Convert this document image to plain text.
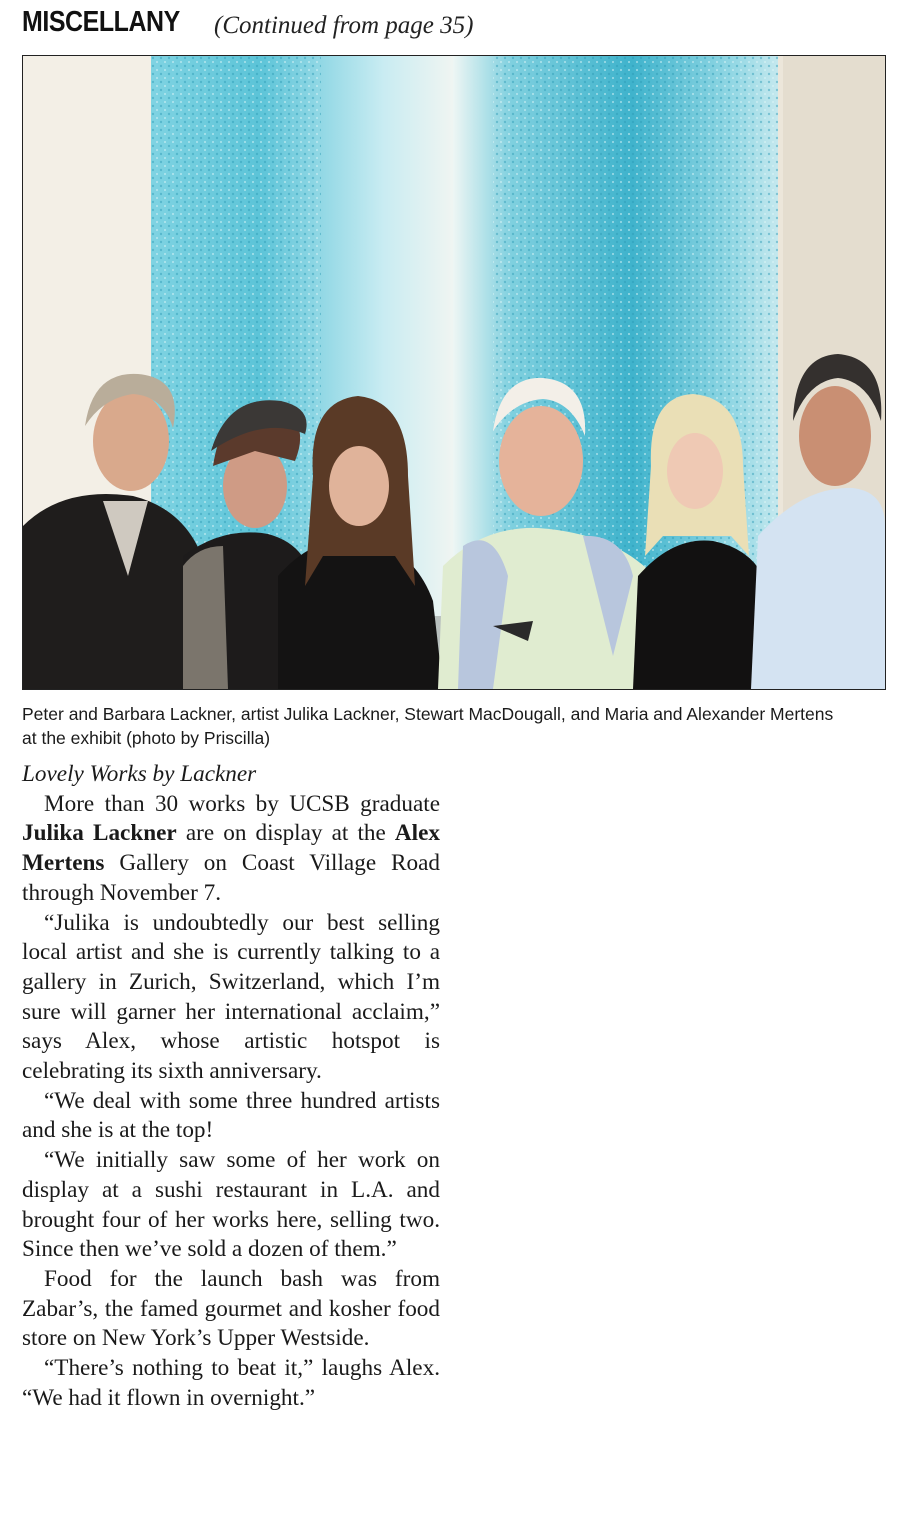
MISCELLANY (Continued from page 35)

Peter and Barbara Lackner, artist Julika Lackner, Stewart MacDougall, and Maria and Alexander Mertens

at the exhibit (photo by Priscilla)

Lovely Works by Lackner

More than 30 works by UCSB graduate Julika Lackner are on display at the Alex Mertens Gallery on Coast Village Road through November 7.

“Julika is undoubtedly our best selling local artist and she is currently talking to a gallery in Zurich, Switzerland, which I’m sure will garner her international acclaim,” says Alex, whose artistic hotspot is celebrating its sixth anniversary.

“We deal with some three hundred artists and she is at the top!

“We initially saw some of her work on display at a sushi restaurant in L.A. and brought four of her works here, selling two. Since then we’ve sold a dozen of them.”

Food for the launch bash was from Zabar’s, the famed gourmet and kosher food store on New York’s Upper Westside.

“There’s nothing to beat it,” laughs Alex. “We had it flown in overnight.”
